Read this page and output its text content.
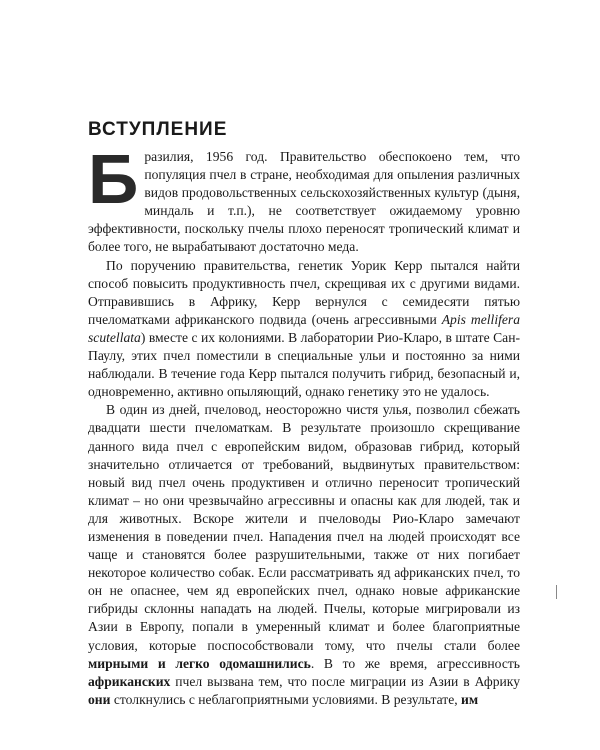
ВСТУПЛЕНИЕ

Бразилия, 1956 год. Правительство обеспокоено тем, что популяция пчел в стране, необходимая для опыления различных видов продовольственных сельскохозяйственных культур (дыня, миндаль и т.п.), не соответствует ожидаемому уровню эффективности, поскольку пчелы плохо переносят тропический климат и более того, не вырабатывают достаточно меда.

По поручению правительства, генетик Уорик Керр пытался найти способ повысить продуктивность пчел, скрещивая их с другими видами. Отправившись в Африку, Керр вернулся с семидесяти пятью пчеломатками африканского подвида (очень агрессивными Apis mellifera scutellata) вместе с их колониями. В лаборатории Рио-Кларо, в штате Сан-Паулу, этих пчел поместили в специальные ульи и постоянно за ними наблюдали. В течение года Керр пытался получить гибрид, безопасный и, одновременно, активно опыляющий, однако генетику это не удалось.

В один из дней, пчеловод, неосторожно чистя улья, позволил сбежать двадцати шести пчеломаткам. В результате произошло скрещивание данного вида пчел с европейским видом, образовав гибрид, который значительно отличается от требований, выдвинутых правительством: новый вид пчел очень продуктивен и отлично переносит тропический климат – но они чрезвычайно агрессивны и опасны как для людей, так и для животных. Вскоре жители и пчеловоды Рио-Кларо замечают изменения в поведении пчел. Нападения пчел на людей происходят все чаще и становятся более разрушительными, также от них погибает некоторое количество собак. Если рассматривать яд африканских пчел, то он не опаснее, чем яд европейских пчел, однако новые африканские гибриды склонны нападать на людей. Пчелы, которые мигрировали из Азии в Европу, попали в умеренный климат и более благоприятные условия, которые поспособствовали тому, что пчелы стали более мирными и легко одомашнились. В то же время, агрессивность африканских пчел вызвана тем, что после миграции из Азии в Африку они столкнулись с неблагоприятными условиями. В результате, им
